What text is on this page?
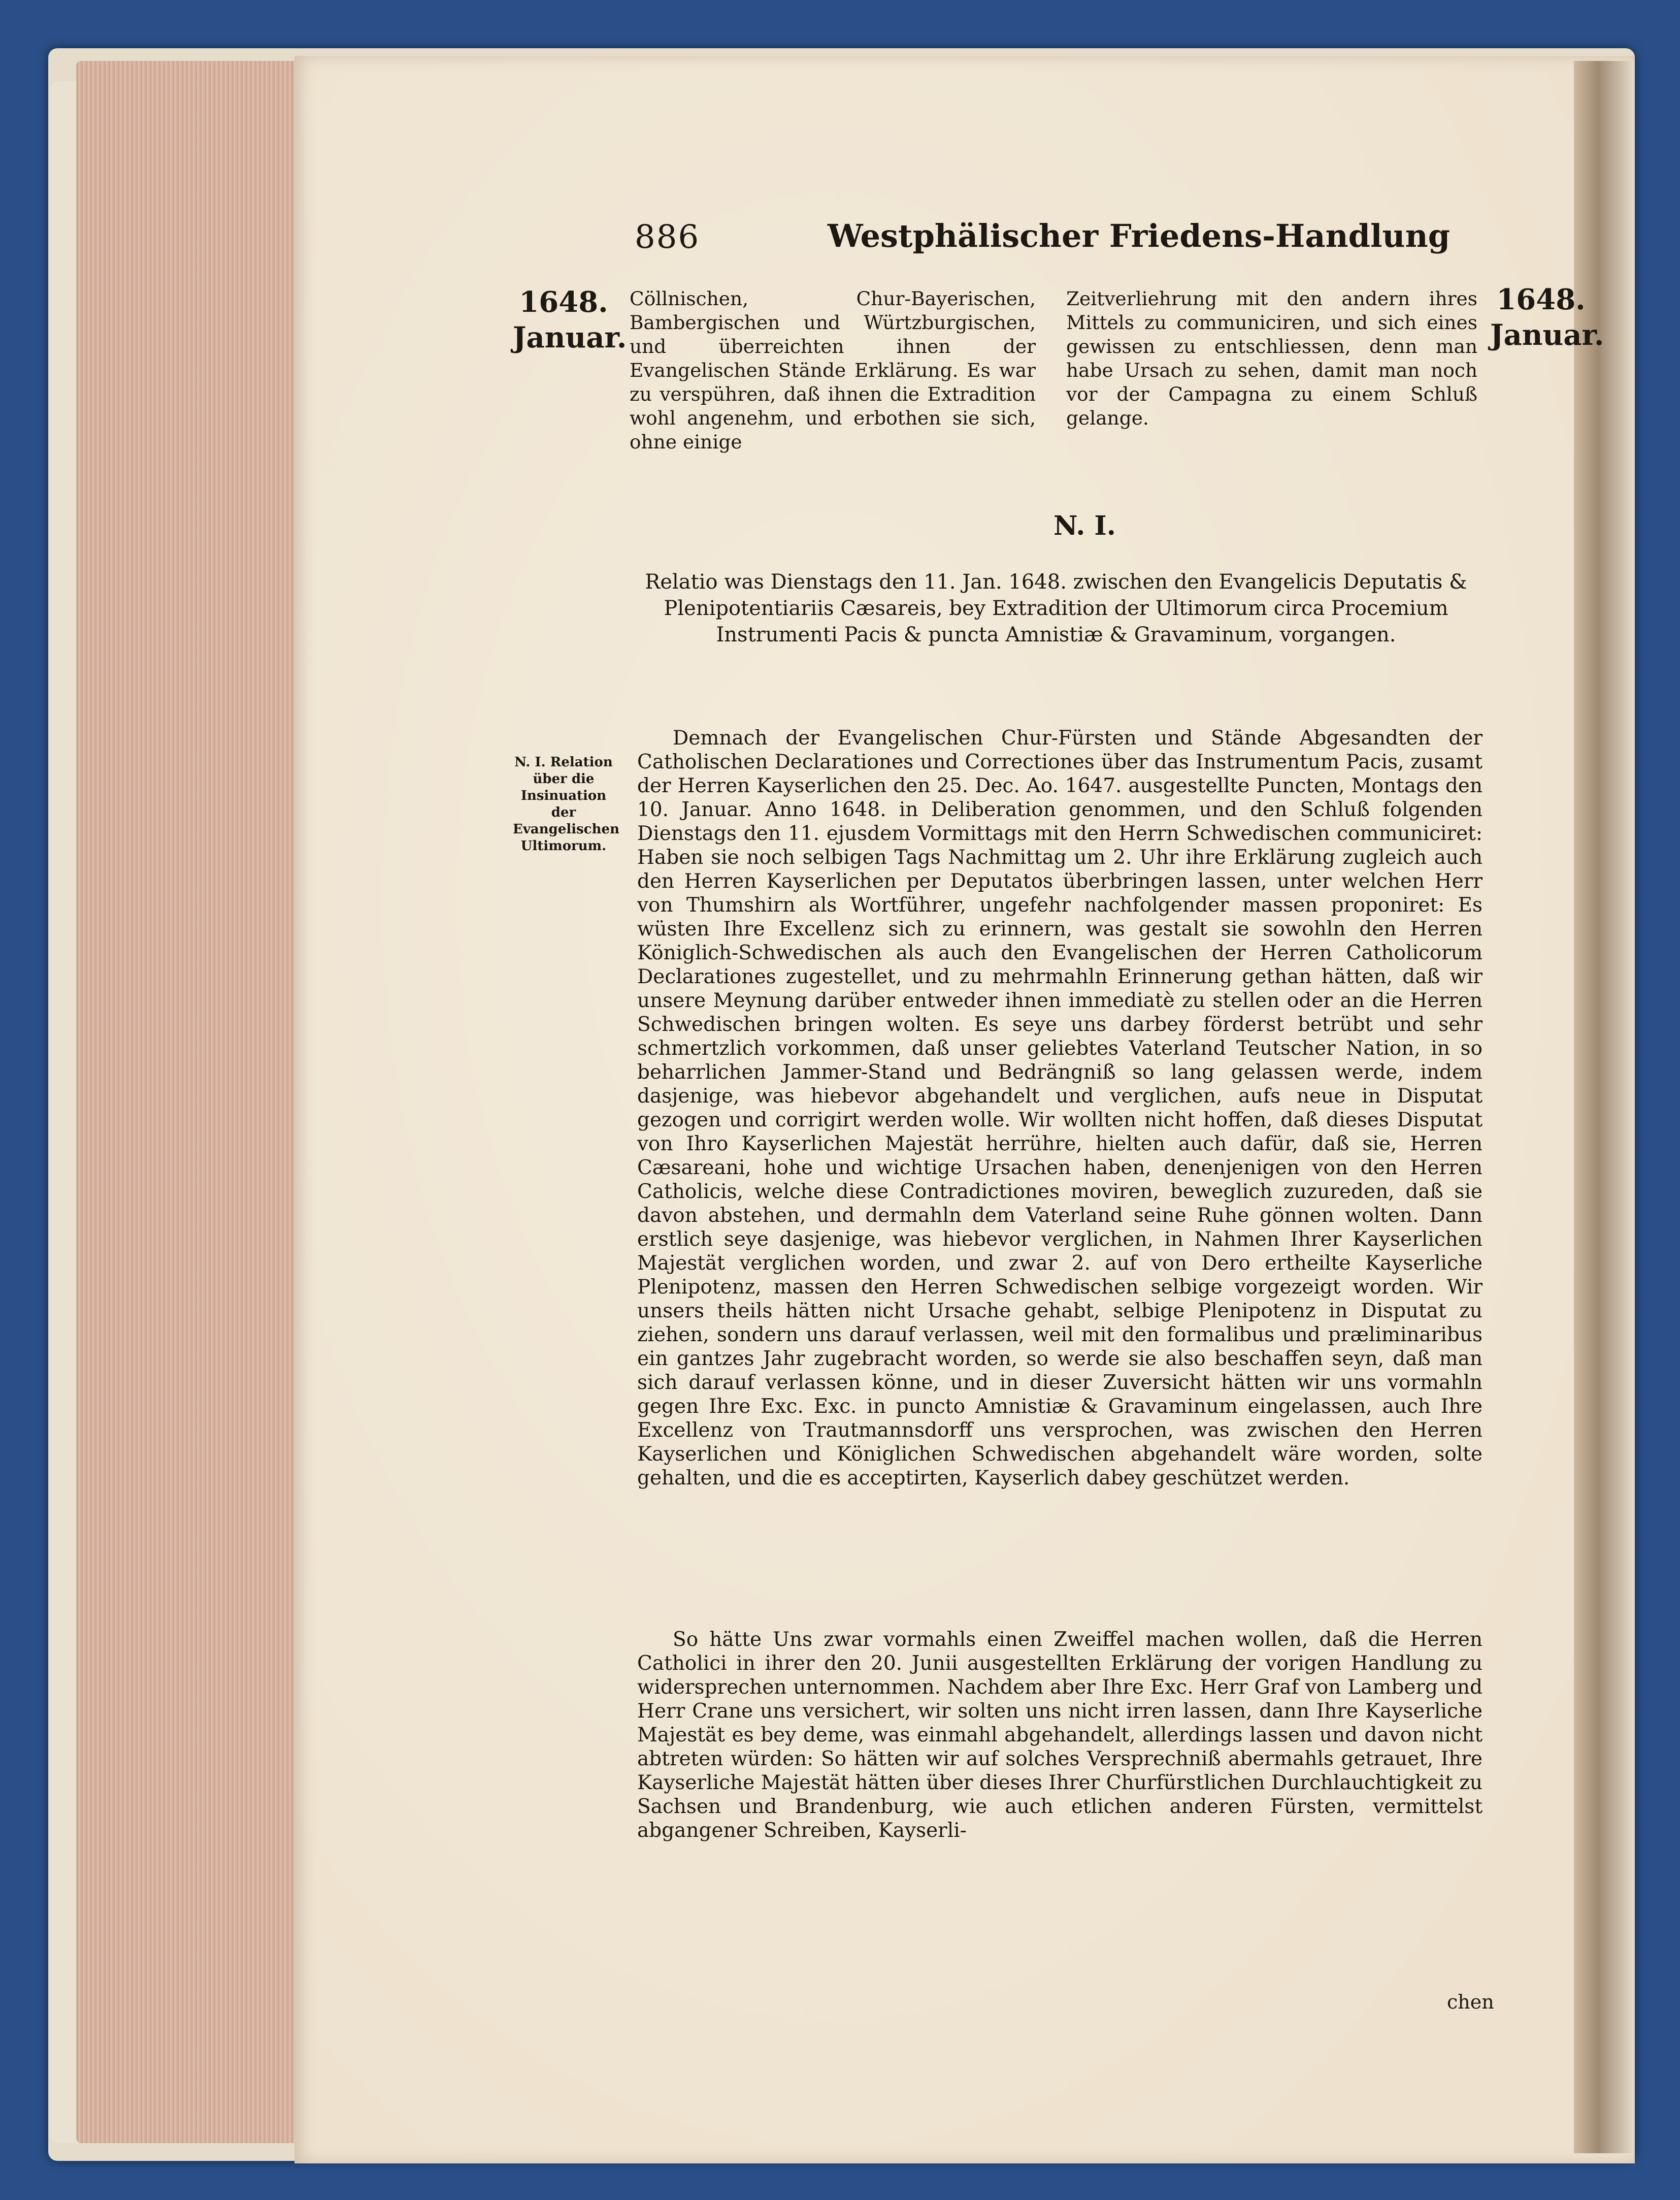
886	Westphälischer Friedens-Handlung
1648.
Januar.
1648.
Januar.
Cöllnischen, Chur-Bayerischen, Bambergischen und Würtzburgischen, und überreichten ihnen der Evangelischen Stände Erklärung. Es war zu verspühren, daß ihnen die Extradition wohl angenehm, und erbothen sie sich, ohne einige
Zeitverliehrung mit den andern ihres Mittels zu communiciren, und sich eines gewissen zu entschliessen, denn man habe Ursach zu sehen, damit man noch vor der Campagna zu einem Schluß gelange.
N. I.
Relatio was Dienstags den 11. Jan. 1648. zwischen den Evangelicis Deputatis & Plenipotentiariis Cæsareis, bey Extradition der Ultimorum circa Procemium Instrumenti Pacis & puncta Amnistiæ & Gravaminum, vorgangen.
N. I. Relation über die Insinuation der Evangelischen Ultimorum.
Demnach der Evangelischen Chur-Fürsten und Stände Abgesandten der Catholischen Declarationes und Correctiones über das Instrumentum Pacis, zusamt der Herren Kayserlichen den 25. Dec. Ao. 1647. ausgestellte Puncten, Montags den 10. Januar. Anno 1648. in Deliberation genommen, und den Schluß folgenden Dienstags den 11. ejusdem Vormittags mit den Herrn Schwedischen communiciret: Haben sie noch selbigen Tags Nachmittag um 2. Uhr ihre Erklärung zugleich auch den Herren Kayserlichen per Deputatos überbringen lassen, unter welchen Herr von Thumshirn als Wortführer, ungefehr nachfolgender massen proponiret: Es wüsten Ihre Excellenz sich zu erinnern, was gestalt sie sowohln den Herren Königlich-Schwedischen als auch den Evangelischen der Herren Catholicorum Declarationes zugestellet, und zu mehrmahln Erinnerung gethan hätten, daß wir unsere Meynung darüber entweder ihnen immediatè zu stellen oder an die Herren Schwedischen bringen wolten. Es seye uns darbey förderst betrübt und sehr schmertzlich vorkommen, daß unser geliebtes Vaterland Teutscher Nation, in so beharrlichen Jammer-Stand und Bedrängniß so lang gelassen werde, indem dasjenige, was hiebevor abgehandelt und verglichen, aufs neue in Disputat gezogen und corrigirt werden wolle. Wir wollten nicht hoffen, daß dieses Disputat von Ihro Kayserlichen Majestät herrühre, hielten auch dafür, daß sie, Herren Cæsareani, hohe und wichtige Ursachen haben, denenjenigen von den Herren Catholicis, welche diese Contradictiones moviren, beweglich zuzureden, daß sie davon abstehen, und dermahln dem Vaterland seine Ruhe gönnen wolten. Dann erstlich seye dasjenige, was hiebevor verglichen, in Nahmen Ihrer Kayserlichen Majestät verglichen worden, und zwar 2. auf von Dero ertheilte Kayserliche Plenipotenz, massen den Herren Schwedischen selbige vorgezeigt worden. Wir unsers theils hätten nicht Ursache gehabt, selbige Plenipotenz in Disputat zu ziehen, sondern uns darauf verlassen, weil mit den formalibus und præliminaribus ein gantzes Jahr zugebracht worden, so werde sie also beschaffen seyn, daß man sich darauf verlassen könne, und in dieser Zuversicht hätten wir uns vormahln gegen Ihre Exc. Exc. in puncto Amnistiæ & Gravaminum eingelassen, auch Ihre Excellenz von Trautmannsdorff uns versprochen, was zwischen den Herren Kayserlichen und Königlichen Schwedischen abgehandelt wäre worden, solte gehalten, und die es acceptirten, Kayserlich dabey geschützet werden.
So hätte Uns zwar vormahls einen Zweiffel machen wollen, daß die Herren Catholici in ihrer den 20. Junii ausgestellten Erklärung der vorigen Handlung zu widersprechen unternommen. Nachdem aber Ihre Exc. Herr Graf von Lamberg und Herr Crane uns versichert, wir solten uns nicht irren lassen, dann Ihre Kayserliche Majestät es bey deme, was einmahl abgehandelt, allerdings lassen und davon nicht abtreten würden: So hätten wir auf solches Versprechniß abermahls getrauet, Ihre Kayserliche Majestät hätten über dieses Ihrer Churfürstlichen Durchlauchtigkeit zu Sachsen und Brandenburg, wie auch etlichen anderen Fürsten, vermittelst abgangener Schreiben, Kayserli-
chen
